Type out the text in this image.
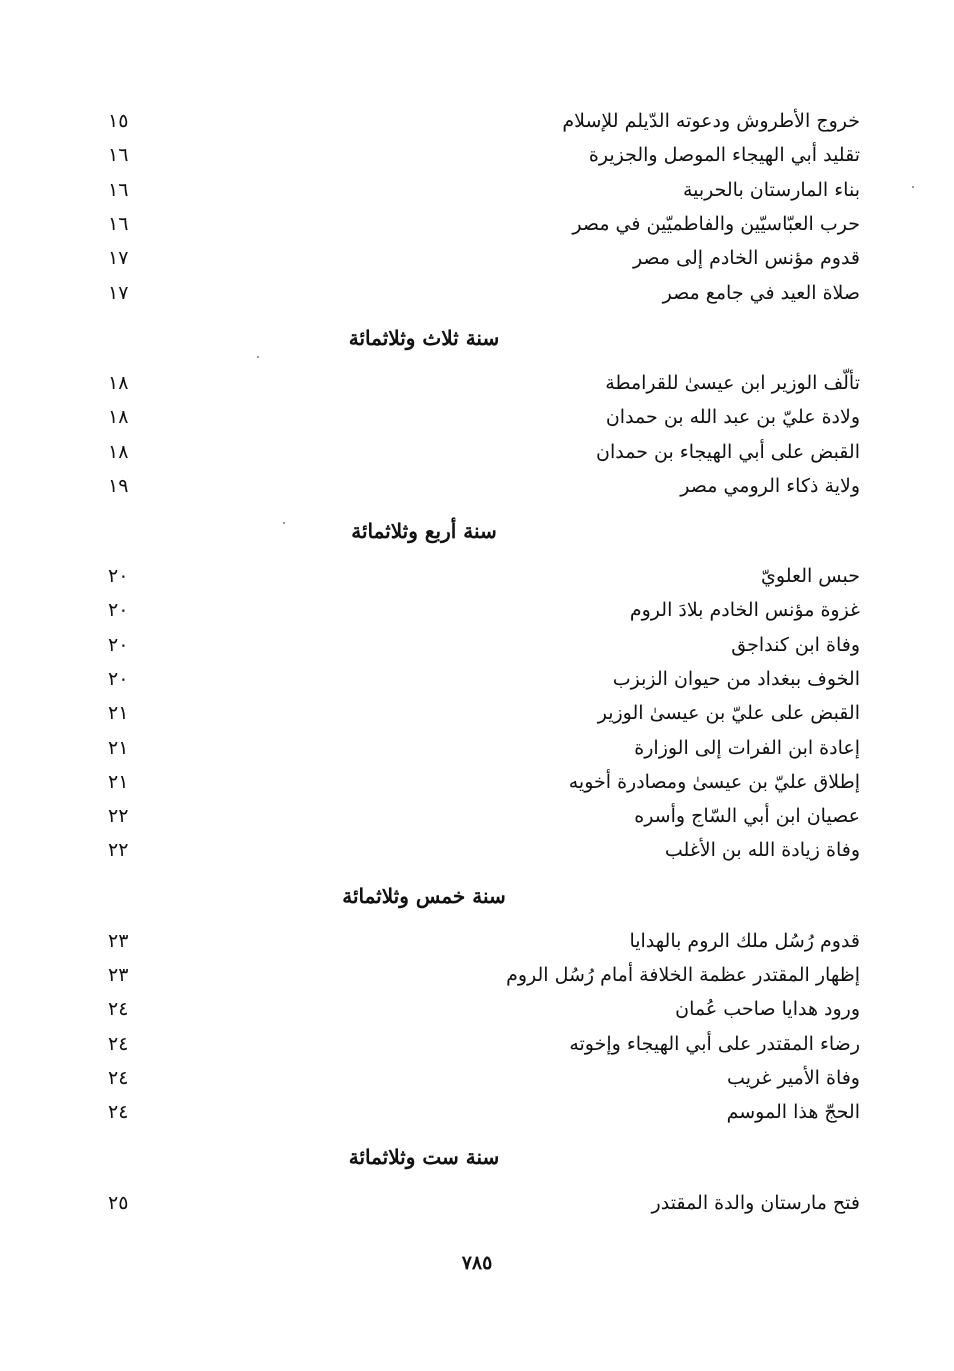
خروج الأطروش ودعوته الدّيلم للإسلام
١٥
تقليد أبي الهيجاء الموصل والجزيرة
١٦
بناء المارستان بالحربية
١٦
حرب العبّاسيّين والفاطميّين في مصر
١٦
قدوم مؤنس الخادم إلى مصر
١٧
صلاة العيد في جامع مصر
١٧
سنة ثلاث وثلاثمائة
تألّف الوزير ابن عيسىٰ للقرامطة
١٨
ولادة عليّ بن عبد الله بن حمدان
١٨
القبض على أبي الهيجاء بن حمدان
١٨
ولاية ذكاء الرومي مصر
١٩
سنة أربع وثلاثمائة
حبس العلويّ
٢٠
غزوة مؤنس الخادم بلادَ الروم
٢٠
وفاة ابن كنداجق
٢٠
الخوف ببغداد من حيوان الزبزب
٢٠
القبض على عليّ بن عيسىٰ الوزير
٢١
إعادة ابن الفرات إلى الوزارة
٢١
إطلاق عليّ بن عيسىٰ ومصادرة أخويه
٢١
عصيان ابن أبي السّاج وأسره
٢٢
وفاة زيادة الله بن الأغلب
٢٢
سنة خمس وثلاثمائة
قدوم رُسُل ملك الروم بالهدايا
٢٣
إظهار المقتدر عظمة الخلافة أمام رُسُل الروم
٢٣
ورود هدايا صاحب عُمان
٢٤
رضاء المقتدر على أبي الهيجاء وإخوته
٢٤
وفاة الأمير غريب
٢٤
الحجّ هذا الموسم
٢٤
سنة ست وثلاثمائة
فتح مارستان والدة المقتدر
٢٥
٧٨٥
